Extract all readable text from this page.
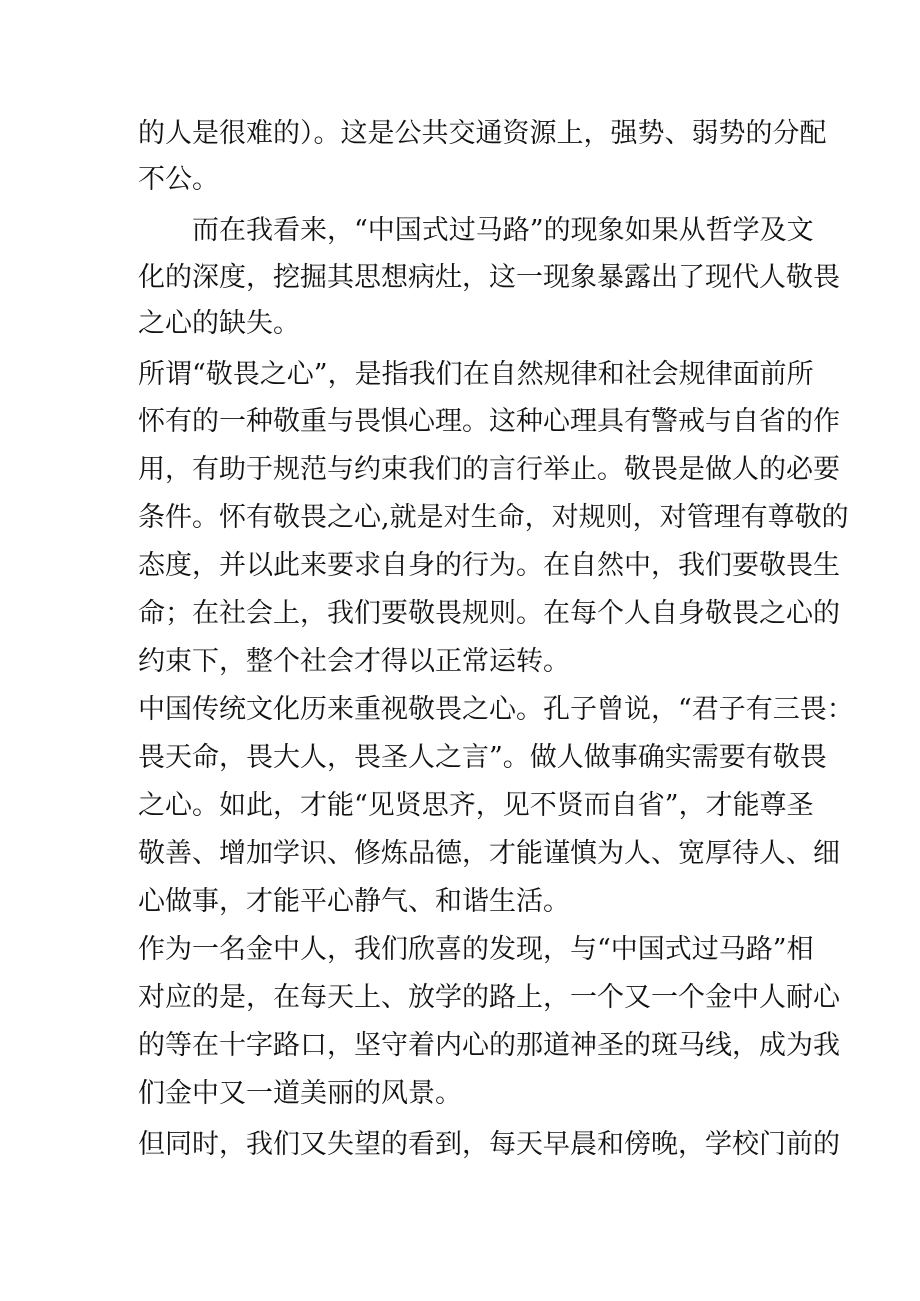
的人是很难的）。这是公共交通资源上，强势、弱势的分配
不公。
而在我看来，“中国式过马路”的现象如果从哲学及文
化的深度，挖掘其思想病灶，这一现象暴露出了现代人敬畏
之心的缺失。
所谓“敬畏之心”，是指我们在自然规律和社会规律面前所
怀有的一种敬重与畏惧心理。这种心理具有警戒与自省的作
用，有助于规范与约束我们的言行举止。敬畏是做人的必要
条件。怀有敬畏之心,就是对生命，对规则，对管理有尊敬的
态度，并以此来要求自身的行为。在自然中，我们要敬畏生
命；在社会上，我们要敬畏规则。在每个人自身敬畏之心的
约束下，整个社会才得以正常运转。
中国传统文化历来重视敬畏之心。孔子曾说，“君子有三畏：
畏天命，畏大人，畏圣人之言”。做人做事确实需要有敬畏
之心。如此，才能“见贤思齐，见不贤而自省”，才能尊圣
敬善、增加学识、修炼品德，才能谨慎为人、宽厚待人、细
心做事，才能平心静气、和谐生活。
作为一名金中人，我们欣喜的发现，与“中国式过马路”相
对应的是，在每天上、放学的路上，一个又一个金中人耐心
的等在十字路口，坚守着内心的那道神圣的斑马线，成为我
们金中又一道美丽的风景。
但同时，我们又失望的看到，每天早晨和傍晚，学校门前的
